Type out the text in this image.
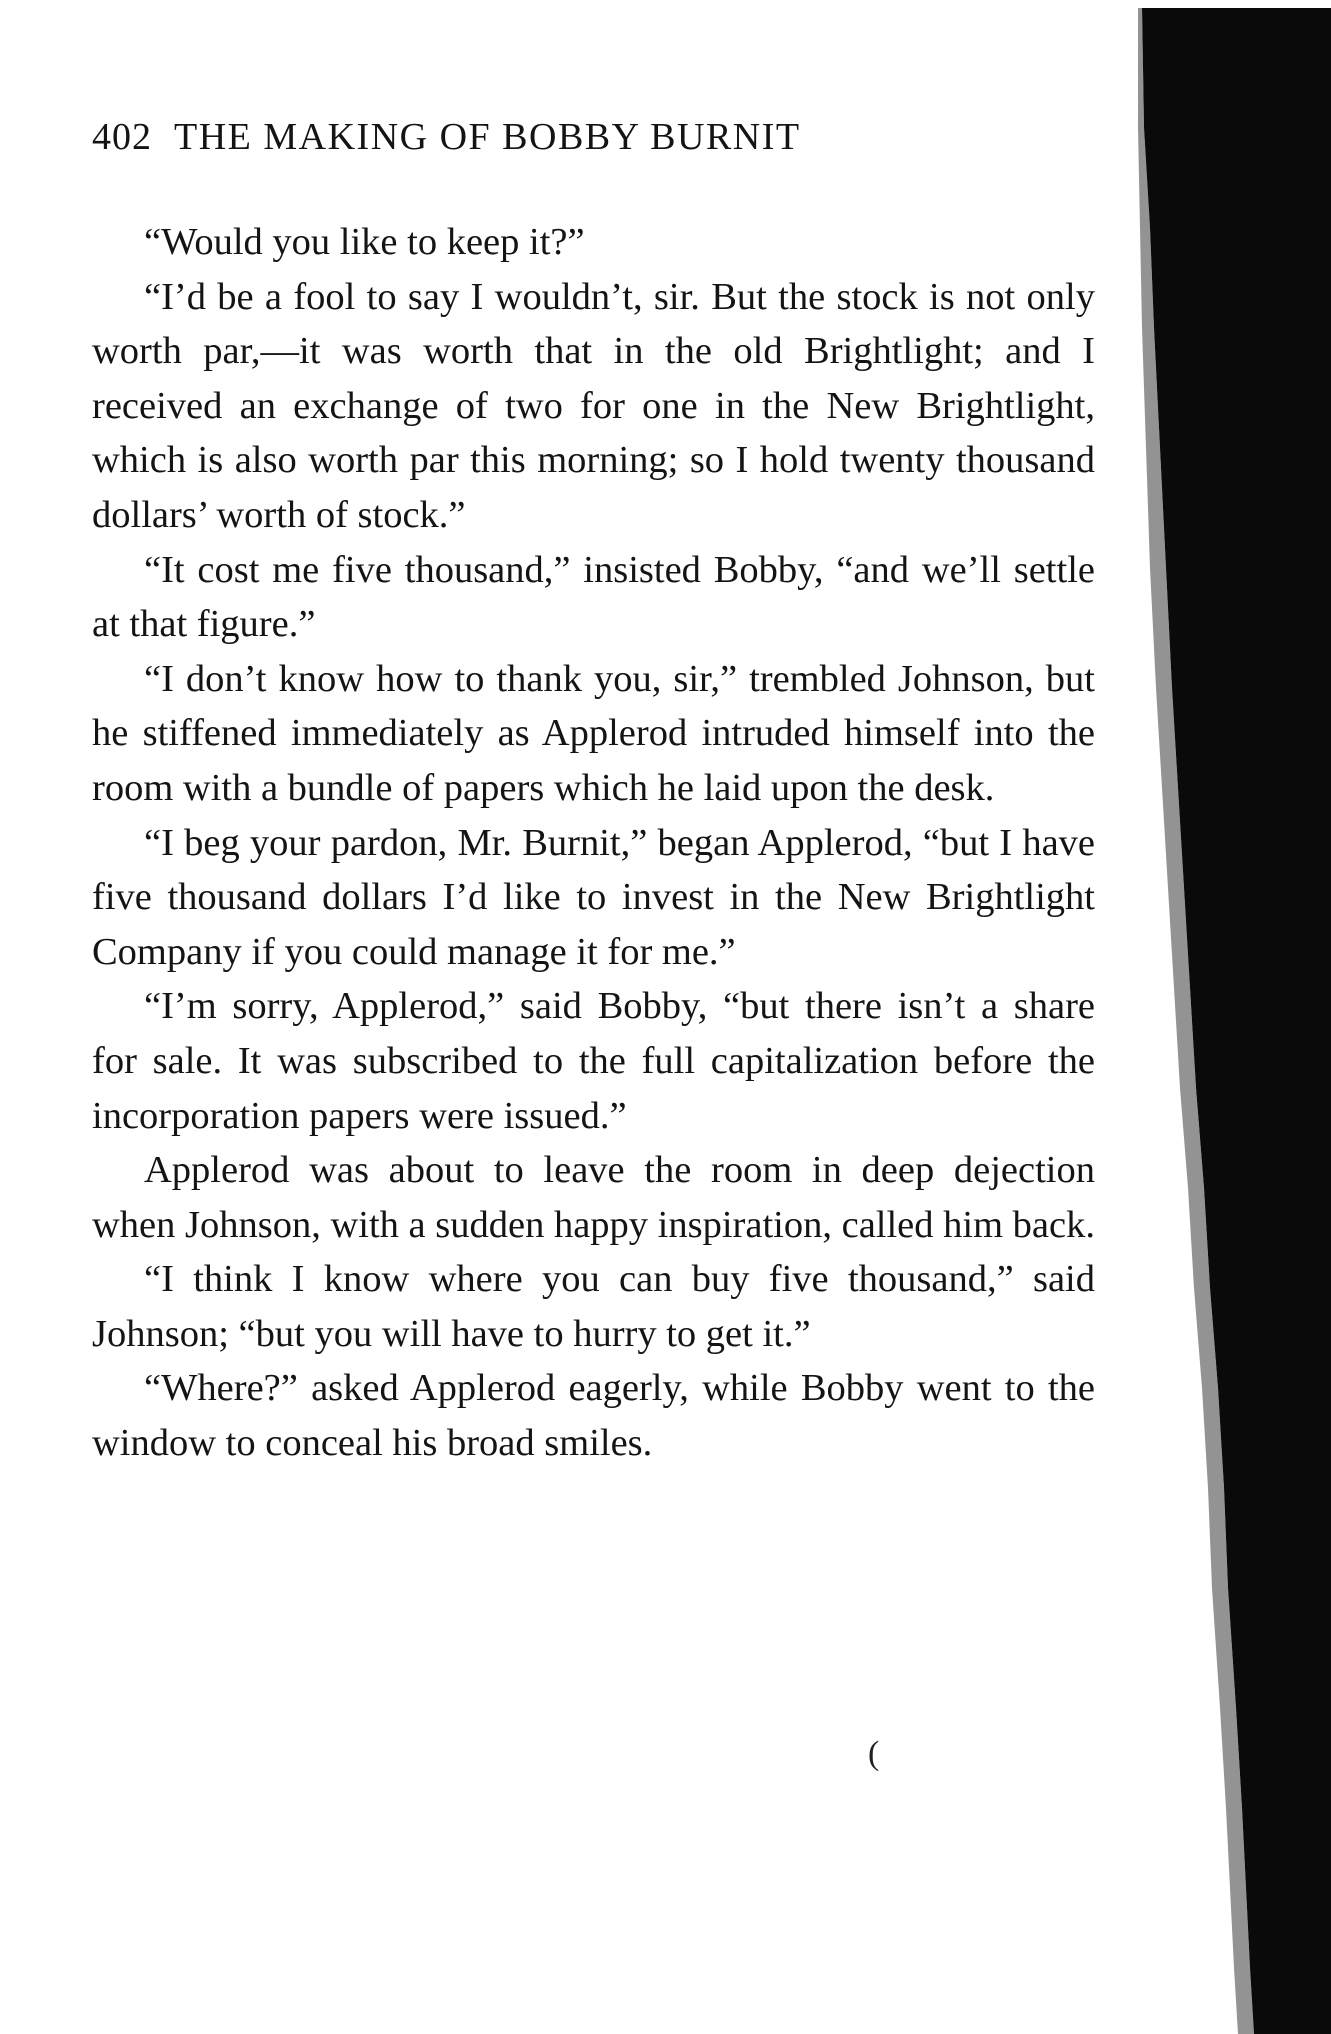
402 THE MAKING OF BOBBY BURNIT

“Would you like to keep it?”

“I’d be a fool to say I wouldn’t, sir. But the stock is not only worth par,—it was worth that in the old Brightlight; and I received an exchange of two for one in the New Brightlight, which is also worth par this morning; so I hold twenty thousand dollars’ worth of stock.”

“It cost me five thousand,” insisted Bobby, “and we’ll settle at that figure.”

“I don’t know how to thank you, sir,” trembled Johnson, but he stiffened immediately as Applerod intruded himself into the room with a bundle of papers which he laid upon the desk.

“I beg your pardon, Mr. Burnit,” began Applerod, “but I have five thousand dollars I’d like to invest in the New Brightlight Company if you could manage it for me.”

“I’m sorry, Applerod,” said Bobby, “but there isn’t a share for sale. It was subscribed to the full capitalization before the incorporation papers were issued.”

Applerod was about to leave the room in deep dejection when Johnson, with a sudden happy inspiration, called him back.

“I think I know where you can buy five thousand,” said Johnson; “but you will have to hurry to get it.”

“Where?” asked Applerod eagerly, while Bobby went to the window to conceal his broad smiles.

(
